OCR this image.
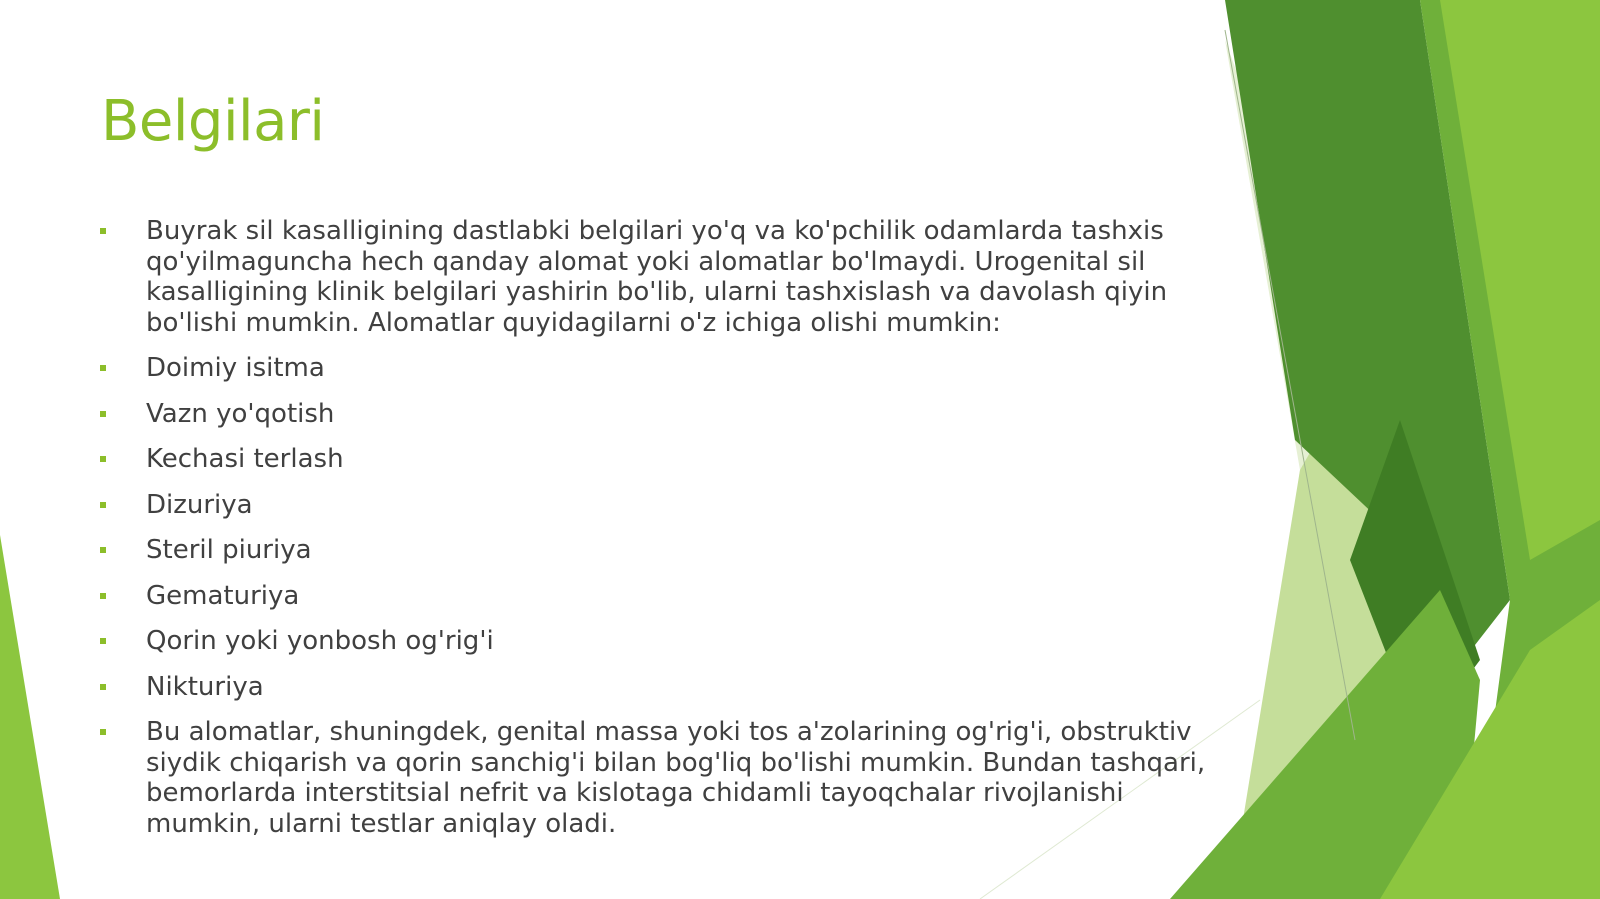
Belgilari
Buyrak sil kasalligining dastlabki belgilari yo'q va ko'pchilik odamlarda tashxis qo'yilmaguncha hech qanday alomat yoki alomatlar bo'lmaydi. Urogenital sil kasalligining klinik belgilari yashirin bo'lib, ularni tashxislash va davolash qiyin bo'lishi mumkin. Alomatlar quyidagilarni o'z ichiga olishi mumkin:
Doimiy isitma
Vazn yo'qotish
Kechasi terlash
Dizuriya
Steril piuriya
Gematuriya
Qorin yoki yonbosh og'rig'i
Nikturiya
Bu alomatlar, shuningdek, genital massa yoki tos a'zolarining og'rig'i, obstruktiv siydik chiqarish va qorin sanchig'i bilan bog'liq bo'lishi mumkin. Bundan tashqari, bemorlarda interstitsial nefrit va kislotaga chidamli tayoqchalar rivojlanishi mumkin, ularni testlar aniqlay oladi.
